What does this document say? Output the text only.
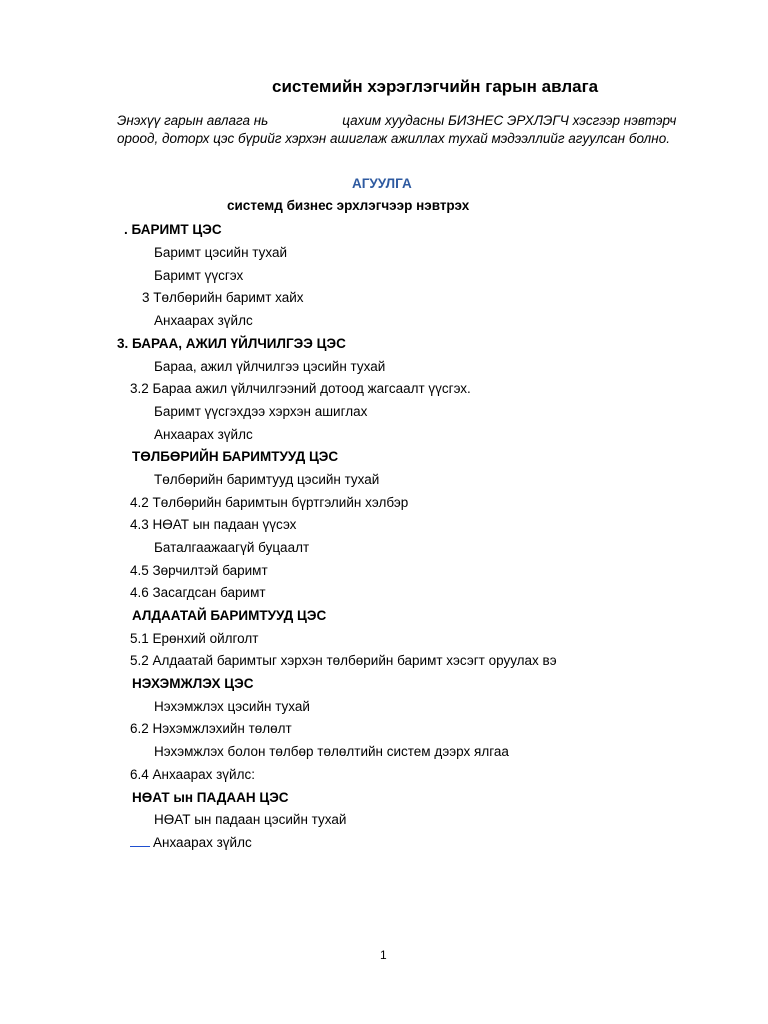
системийн хэрэглэгчийн гарын авлага
Энэхүү гарын авлага нь	цахим хуудасны БИЗНЕС ЭРХЛЭГЧ хэсгээр нэвтэрч ороод, доторх цэс бүрийг хэрхэн ашиглаж ажиллах тухай мэдээллийг агуулсан болно.
АГУУЛГА
системд бизнес эрхлэгчээр нэвтрэх
. БАРИМТ ЦЭС
Баримт цэсийн тухай
Баримт үүсгэх
3 Төлбөрийн баримт хайх
Анхаарах зүйлс
3. БАРАА, АЖИЛ ҮЙЛЧИЛГЭЭ ЦЭС
Бараа, ажил үйлчилгээ цэсийн тухай
3.2 Бараа ажил үйлчилгээний дотоод жагсаалт үүсгэх.
Баримт үүсгэхдээ хэрхэн ашиглах
Анхаарах зүйлс
ТӨЛБӨРИЙН БАРИМТУУД ЦЭС
Төлбөрийн баримтууд цэсийн тухай
4.2 Төлбөрийн баримтын бүртгэлийн хэлбэр
4.3 НӨАТ ын падаан үүсэх
Баталгаажаагүй буцаалт
4.5 Зөрчилтэй баримт
4.6 Засагдсан баримт
АЛДААТАЙ БАРИМТУУД ЦЭС
5.1 Ерөнхий ойлголт
5.2 Алдаатай баримтыг хэрхэн төлбөрийн баримт хэсэгт оруулах вэ
НЭХЭМЖЛЭХ ЦЭС
Нэхэмжлэх цэсийн тухай
6.2 Нэхэмжлэхийн төлөлт
Нэхэмжлэх болон төлбөр төлөлтийн систем дээрх ялгаа
6.4 Анхаарах зүйлс:
НӨАТ ын ПАДААН ЦЭС
НӨАТ ын падаан цэсийн тухай
Анхаарах зүйлс
1
